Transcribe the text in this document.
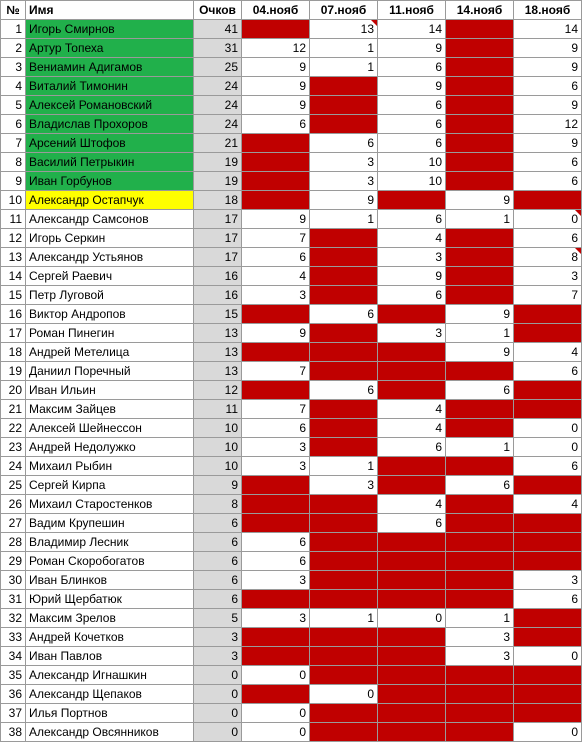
№	Имя	Очков	04.нояб	07.нояб	11.нояб	14.нояб	18.нояб
1	Игорь Смирнов	41		13	14		14
2	Артур Топеха	31	12	1	9		9
3	Вениамин Адигамов	25	9	1	6		9
4	Виталий Тимонин	24	9		9		6
5	Алексей Романовский	24	9		6		9
6	Владислав Прохоров	24	6		6		12
7	Арсений Штофов	21		6	6		9
8	Василий Петрыкин	19		3	10		6
9	Иван Горбунов	19		3	10		6
10	Александр Остапчук	18		9		9	
11	Александр Самсонов	17	9	1	6	1	0
12	Игорь Серкин	17	7		4		6
13	Александр Устьянов	17	6		3		8
14	Сергей Раевич	16	4		9		3
15	Петр Луговой	16	3		6		7
16	Виктор Андропов	15		6		9	
17	Роман Пинегин	13	9		3	1	
18	Андрей Метелица	13				9	4
19	Даниил Поречный	13	7				6
20	Иван Ильин	12		6		6	
21	Максим Зайцев	11	7		4		
22	Алексей Шейнессон	10	6		4		0
23	Андрей Недолужко	10	3		6	1	0
24	Михаил Рыбин	10	3	1			6
25	Сергей Кирпа	9		3		6	
26	Михаил Старостенков	8			4		4
27	Вадим Крупешин	6			6		
28	Владимир Лесник	6	6				
29	Роман Скоробогатов	6	6				
30	Иван Блинков	6	3				3
31	Юрий Щербатюк	6					6
32	Максим Зрелов	5	3	1	0	1	
33	Андрей Кочетков	3				3	
34	Иван Павлов	3				3	0
35	Александр Игнашкин	0	0				
36	Александр Щепаков	0		0			
37	Илья Портнов	0	0				
38	Александр Овсянников	0	0				0
